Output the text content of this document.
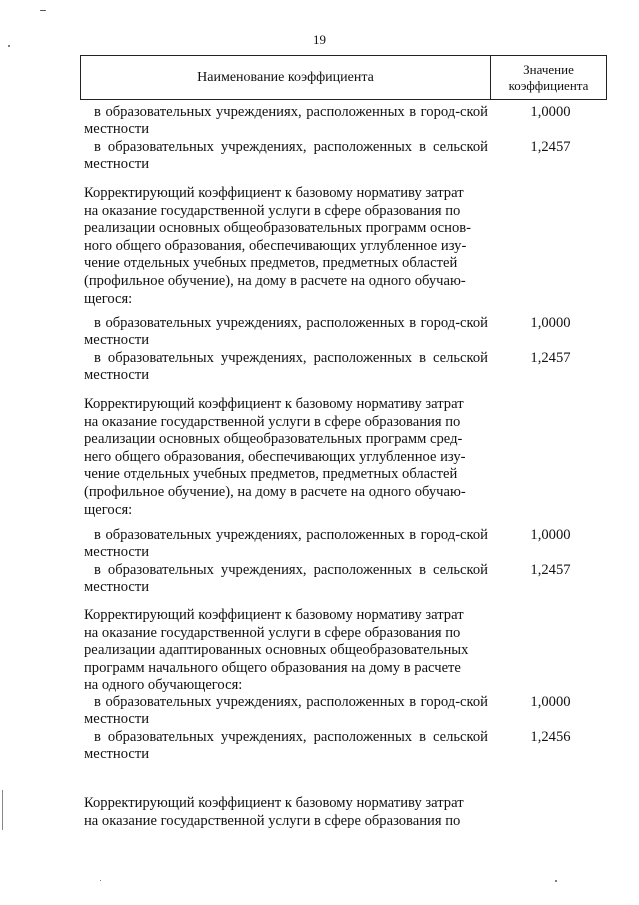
19
Наименование коэффициента
Значение
коэффициента
в образовательных учреждениях, расположенных в город-ской местности
1,0000
в образовательных учреждениях, расположенных в сельской местности
1,2457
Корректирующий коэффициент к базовому нормативу затрат
на оказание государственной услуги в сфере образования по
реализации основных общеобразовательных программ основ-
ного общего образования, обеспечивающих углубленное изу-
чение отдельных учебных предметов, предметных областей
(профильное обучение), на дому в расчете на одного обучаю-
щегося:
в образовательных учреждениях, расположенных в город-ской местности
1,0000
в образовательных учреждениях, расположенных в сельской местности
1,2457
Корректирующий коэффициент к базовому нормативу затрат
на оказание государственной услуги в сфере образования по
реализации основных общеобразовательных программ сред-
него общего образования, обеспечивающих углубленное изу-
чение отдельных учебных предметов, предметных областей
(профильное обучение), на дому в расчете на одного обучаю-
щегося:
в образовательных учреждениях, расположенных в город-ской местности
1,0000
в образовательных учреждениях, расположенных в сельской местности
1,2457
Корректирующий коэффициент к базовому нормативу затрат
на оказание государственной услуги в сфере образования по
реализации адаптированных основных общеобразовательных
программ начального общего образования на дому в расчете
на одного обучающегося:
в образовательных учреждениях, расположенных в город-ской местности
1,0000
в образовательных учреждениях, расположенных в сельской местности
1,2456
Корректирующий коэффициент к базовому нормативу затрат
на оказание государственной услуги в сфере образования по
